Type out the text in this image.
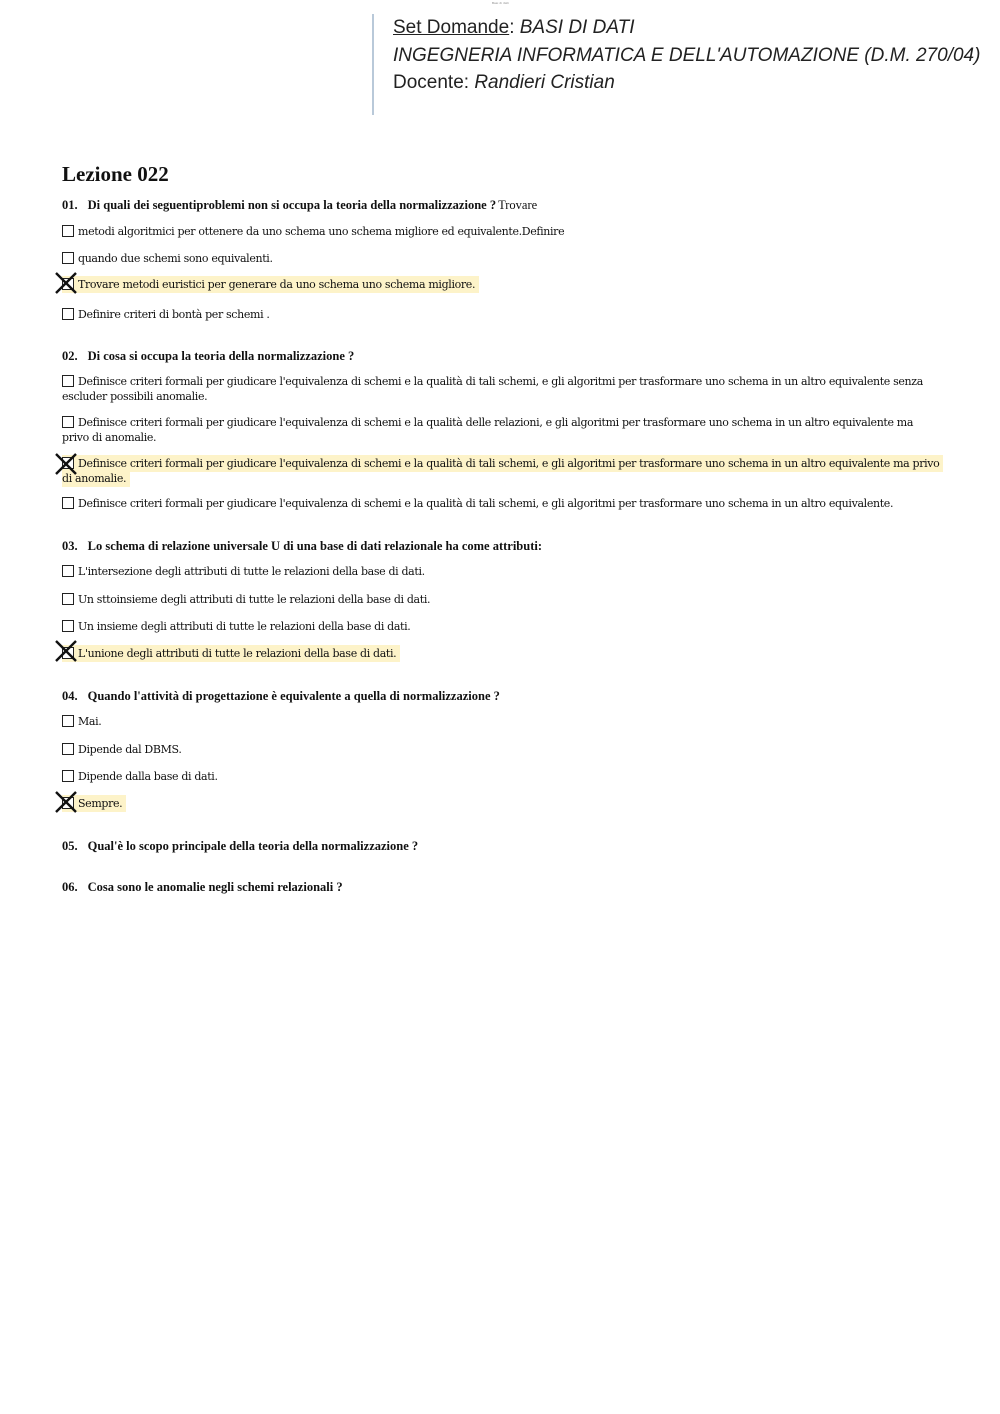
Basi di dati
Set Domande: BASI DI DATI
INGEGNERIA INFORMATICA E DELL'AUTOMAZIONE (D.M. 270/04)
Docente: Randieri Cristian
Lezione 022
01. Di quali dei seguentiproblemi non si occupa la teoria della normalizzazione ? Trovare
metodi algoritmici per ottenere da uno schema uno schema migliore ed equivalente.Definire
quando due schemi sono equivalenti.
Trovare metodi euristici per generare da uno schema uno schema migliore.
Definire criteri di bontà per schemi .
02. Di cosa si occupa la teoria della normalizzazione ?
Definisce criteri formali per giudicare l'equivalenza di schemi e la qualità di tali schemi, e gli algoritmi per trasformare uno schema in un altro equivalente senza escluder possibili anomalie.
Definisce criteri formali per giudicare l'equivalenza di schemi e la qualità delle relazioni, e gli algoritmi per trasformare uno schema in un altro equivalente ma privo di anomalie.
Definisce criteri formali per giudicare l'equivalenza di schemi e la qualità di tali schemi, e gli algoritmi per trasformare uno schema in un altro equivalente ma privo di anomalie.
Definisce criteri formali per giudicare l'equivalenza di schemi e la qualità di tali schemi, e gli algoritmi per trasformare uno schema in un altro equivalente.
03. Lo schema di relazione universale U di una base di dati relazionale ha come attributi:
L'intersezione degli attributi di tutte le relazioni della base di dati.
Un sttoinsieme degli attributi di tutte le relazioni della base di dati.
Un insieme degli attributi di tutte le relazioni della base di dati.
L'unione degli attributi di tutte le relazioni della base di dati.
04. Quando l'attività di progettazione è equivalente a quella di normalizzazione ?
Mai.
Dipende dal DBMS.
Dipende dalla base di dati.
Sempre.
05. Qual'è lo scopo principale della teoria della normalizzazione ?
06. Cosa sono le anomalie negli schemi relazionali ?
